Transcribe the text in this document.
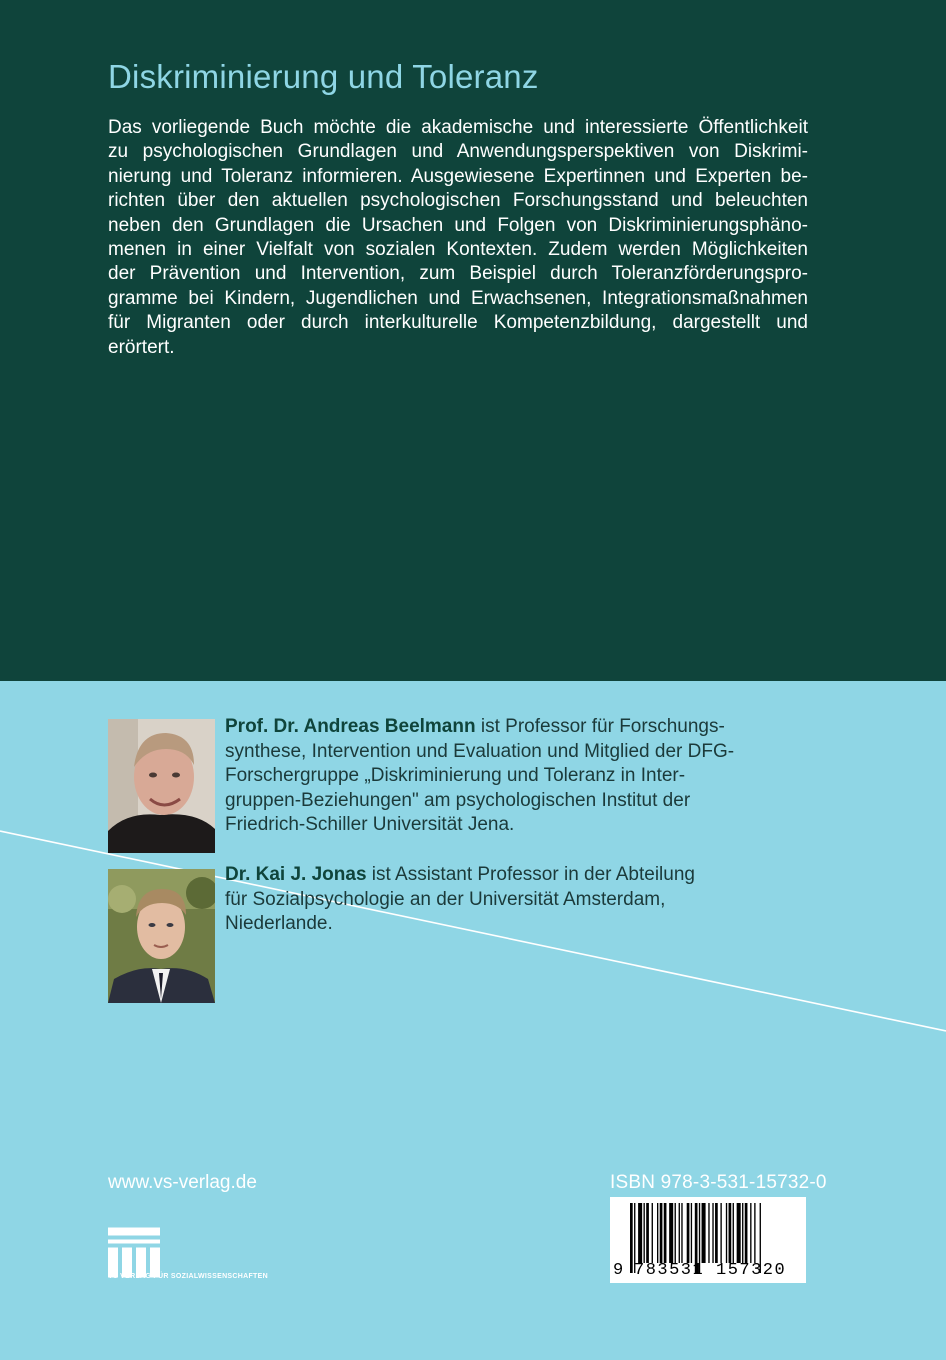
Diskriminierung und Toleranz

Das vorliegende Buch möchte die akademische und interessierte Öffentlichkeit
zu psychologischen Grundlagen und Anwendungsperspektiven von Diskrimi-
nierung und Toleranz informieren. Ausgewiesene Expertinnen und Experten be-
richten über den aktuellen psychologischen Forschungsstand und beleuchten
neben den Grundlagen die Ursachen und Folgen von Diskriminierungsphäno-
menen in einer Vielfalt von sozialen Kontexten. Zudem werden Möglichkeiten
der Prävention und Intervention, zum Beispiel durch Toleranzförderungspro-
gramme bei Kindern, Jugendlichen und Erwachsenen, Integrationsmaßnahmen
für Migranten oder durch interkulturelle Kompetenzbildung, dargestellt und
erörtert.

Prof. Dr. Andreas Beelmann ist Professor für Forschungs-
synthese, Intervention und Evaluation und Mitglied der DFG-
Forschergruppe „Diskriminierung und Toleranz in Inter-
gruppen-Beziehungen" am psychologischen Institut der
Friedrich-Schiller Universität Jena.

Dr. Kai J. Jonas ist Assistant Professor in der Abteilung
für Sozialpsychologie an der Universität Amsterdam,
Niederlande.

www.vs-verlag.de
VS VERLAG FÜR SOZIALWISSENSCHAFTEN
ISBN 978-3-531-15732-0
9 783531 157320
